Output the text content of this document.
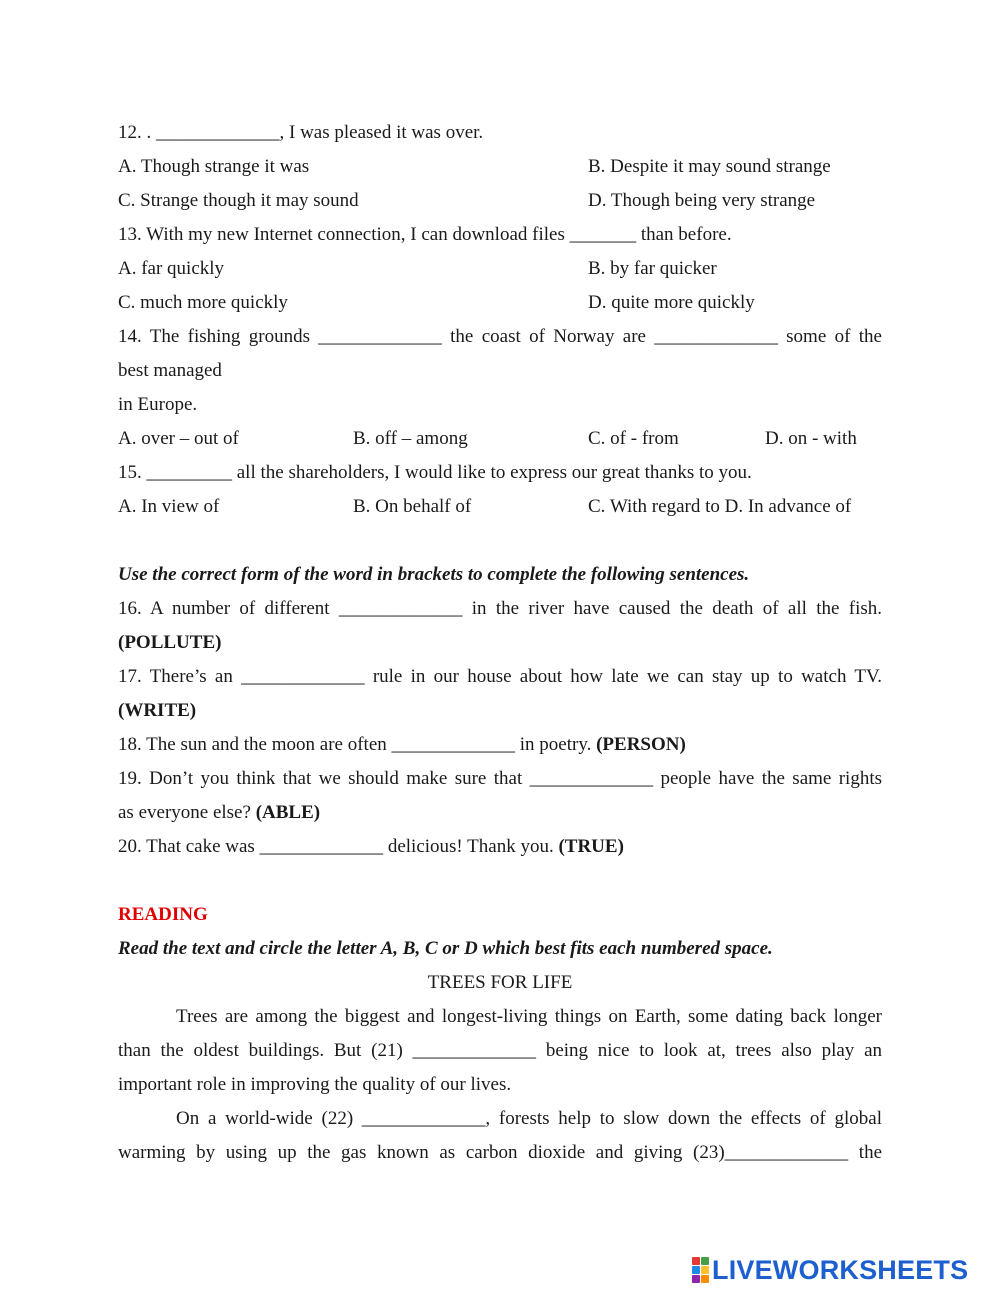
12. . _____________, I was pleased it was over.
A. Though strange it was	B. Despite it may sound strange
C. Strange though it may sound	D. Though being very strange
13. With my new Internet connection, I can download files _______ than before.
A. far quickly	B. by far quicker
C. much more quickly	D. quite more quickly
14. The fishing grounds _____________ the coast of Norway are _____________ some of the
best managed
in Europe.
A. over – out of	B. off – among	C. of - from	D. on - with
15. _________ all the shareholders, I would like to express our great thanks to you.
A. In view of	B. On behalf of	C. With regard to D. In advance of
Use the correct form of the word in brackets to complete the following sentences.
16. A number of different _____________ in the river have caused the death of all the fish.
(POLLUTE)
17. There’s an _____________ rule in our house about how late we can stay up to watch TV.
(WRITE)
18. The sun and the moon are often _____________ in poetry. (PERSON)
19. Don’t you think that we should make sure that _____________ people have the same rights
as everyone else? (ABLE)
20. That cake was _____________ delicious! Thank you. (TRUE)
READING
Read the text and circle the letter A, B, C or D which best fits each numbered space.
TREES FOR LIFE
Trees are among the biggest and longest-living things on Earth, some dating back longer
than the oldest buildings. But (21) _____________ being nice to look at, trees also play an
important role in improving the quality of our lives.
On a world-wide (22) _____________, forests help to slow down the effects of global
warming by using up the gas known as carbon dioxide and giving (23)_____________ the
LIVEWORKSHEETS
